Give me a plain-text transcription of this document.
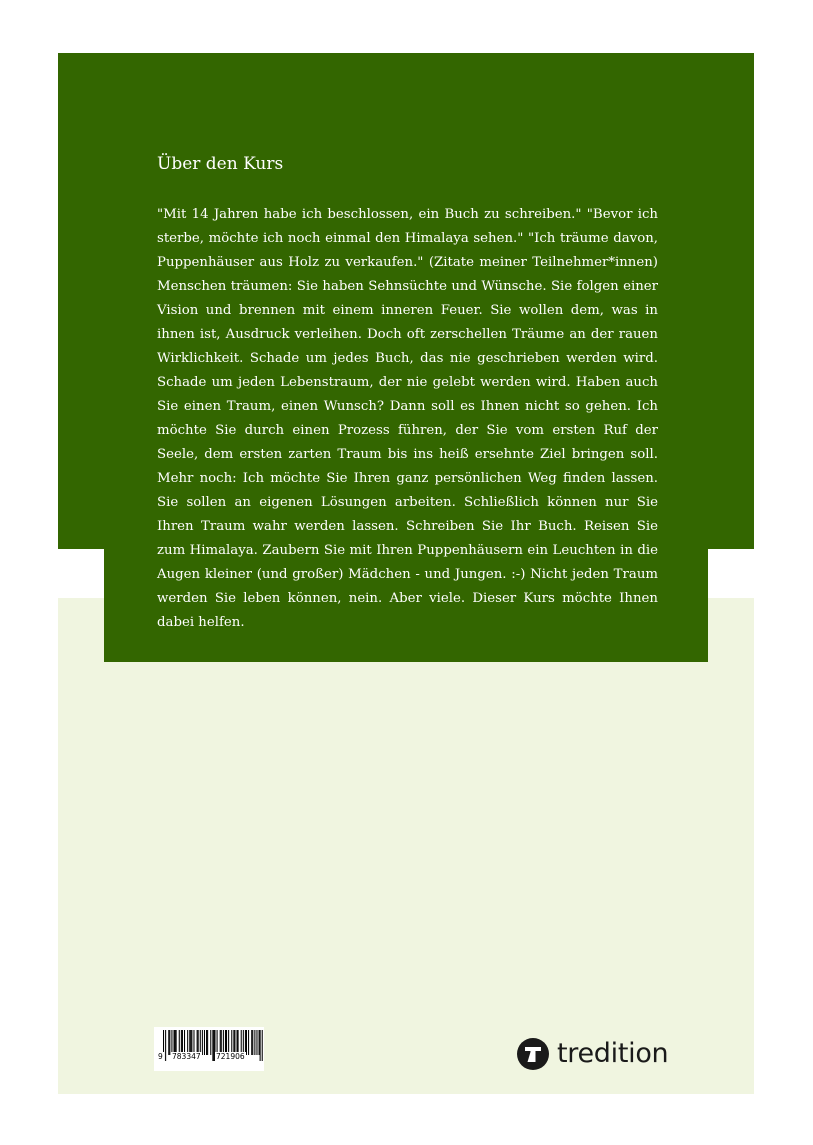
Über den Kurs

"Mit 14 Jahren habe ich beschlossen, ein Buch zu schreiben." "Bevor ich sterbe, möchte ich noch einmal den Himalaya sehen." "Ich träume davon, Puppenhäuser aus Holz zu verkaufen." (Zitate meiner Teilnehmer*innen) Menschen träumen: Sie haben Sehnsüchte und Wünsche. Sie folgen einer Vision und brennen mit einem inneren Feuer. Sie wollen dem, was in ihnen ist, Ausdruck verleihen. Doch oft zerschellen Träume an der rauen Wirklichkeit. Schade um jedes Buch, das nie geschrieben werden wird. Schade um jeden Lebenstraum, der nie gelebt werden wird. Haben auch Sie einen Traum, einen Wunsch? Dann soll es Ihnen nicht so gehen. Ich möchte Sie durch einen Prozess führen, der Sie vom ersten Ruf der Seele, dem ersten zarten Traum bis ins heiß ersehnte Ziel bringen soll. Mehr noch: Ich möchte Sie Ihren ganz persönlichen Weg finden lassen. Sie sollen an eigenen Lösungen arbeiten. Schließlich können nur Sie Ihren Traum wahr werden lassen. Schreiben Sie Ihr Buch. Reisen Sie zum Himalaya. Zaubern Sie mit Ihren Puppenhäusern ein Leuchten in die Augen kleiner (und großer) Mädchen - und Jungen. :-) Nicht jeden Traum werden Sie leben können, nein. Aber viele. Dieser Kurs möchte Ihnen dabei helfen.

9 783347 721906	tredition
